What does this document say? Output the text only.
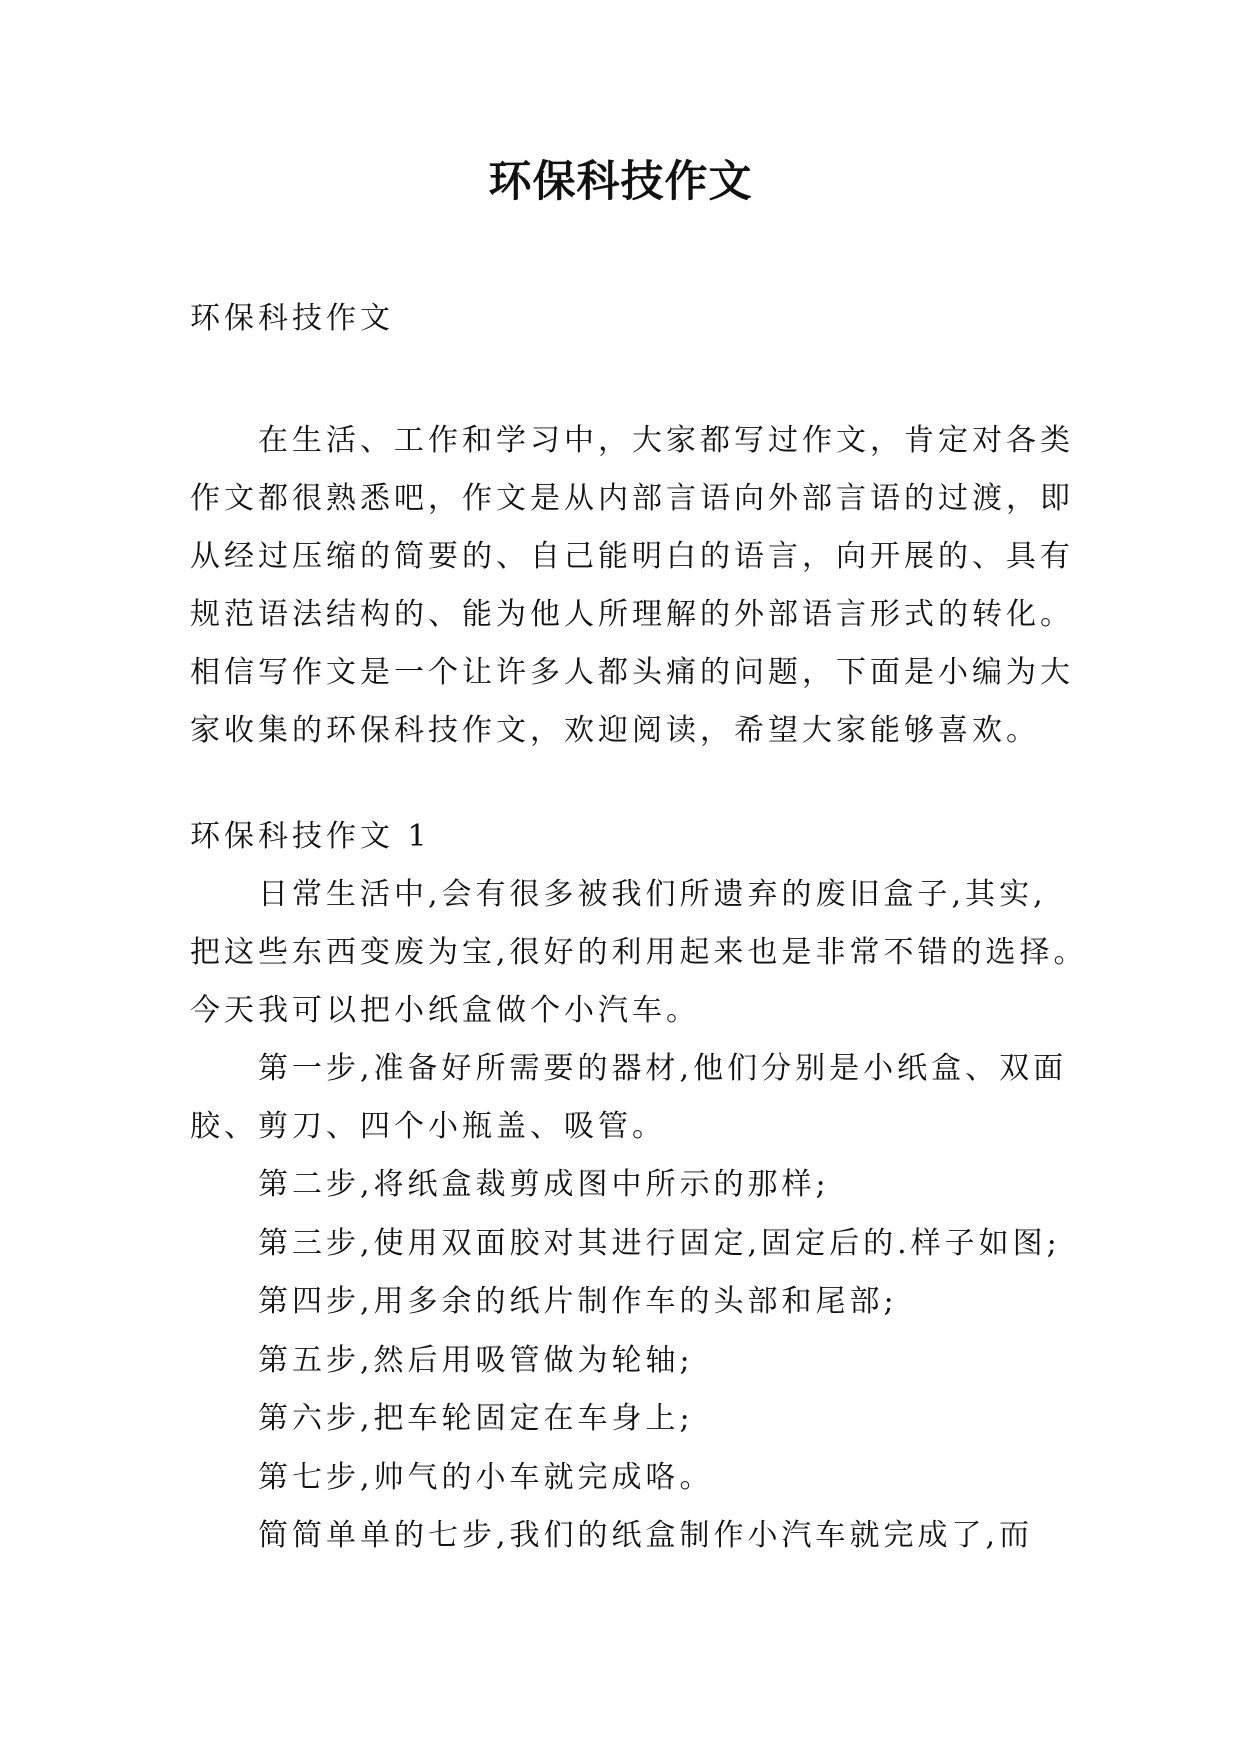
环保科技作文
环保科技作文
在生活、工作和学习中，大家都写过作文，肯定对各类
作文都很熟悉吧，作文是从内部言语向外部言语的过渡，即
从经过压缩的简要的、自己能明白的语言，向开展的、具有
规范语法结构的、能为他人所理解的外部语言形式的转化。
相信写作文是一个让许多人都头痛的问题，下面是小编为大
家收集的环保科技作文，欢迎阅读，希望大家能够喜欢。
环保科技作文 1
日常生活中,会有很多被我们所遗弃的废旧盒子,其实,
把这些东西变废为宝,很好的利用起来也是非常不错的选择。
今天我可以把小纸盒做个小汽车。
第一步,准备好所需要的器材,他们分别是小纸盒、双面
胶、剪刀、四个小瓶盖、吸管。
第二步,将纸盒裁剪成图中所示的那样;
第三步,使用双面胶对其进行固定,固定后的.样子如图;
第四步,用多余的纸片制作车的头部和尾部;
第五步,然后用吸管做为轮轴;
第六步,把车轮固定在车身上;
第七步,帅气的小车就完成咯。
简简单单的七步,我们的纸盒制作小汽车就完成了,而
